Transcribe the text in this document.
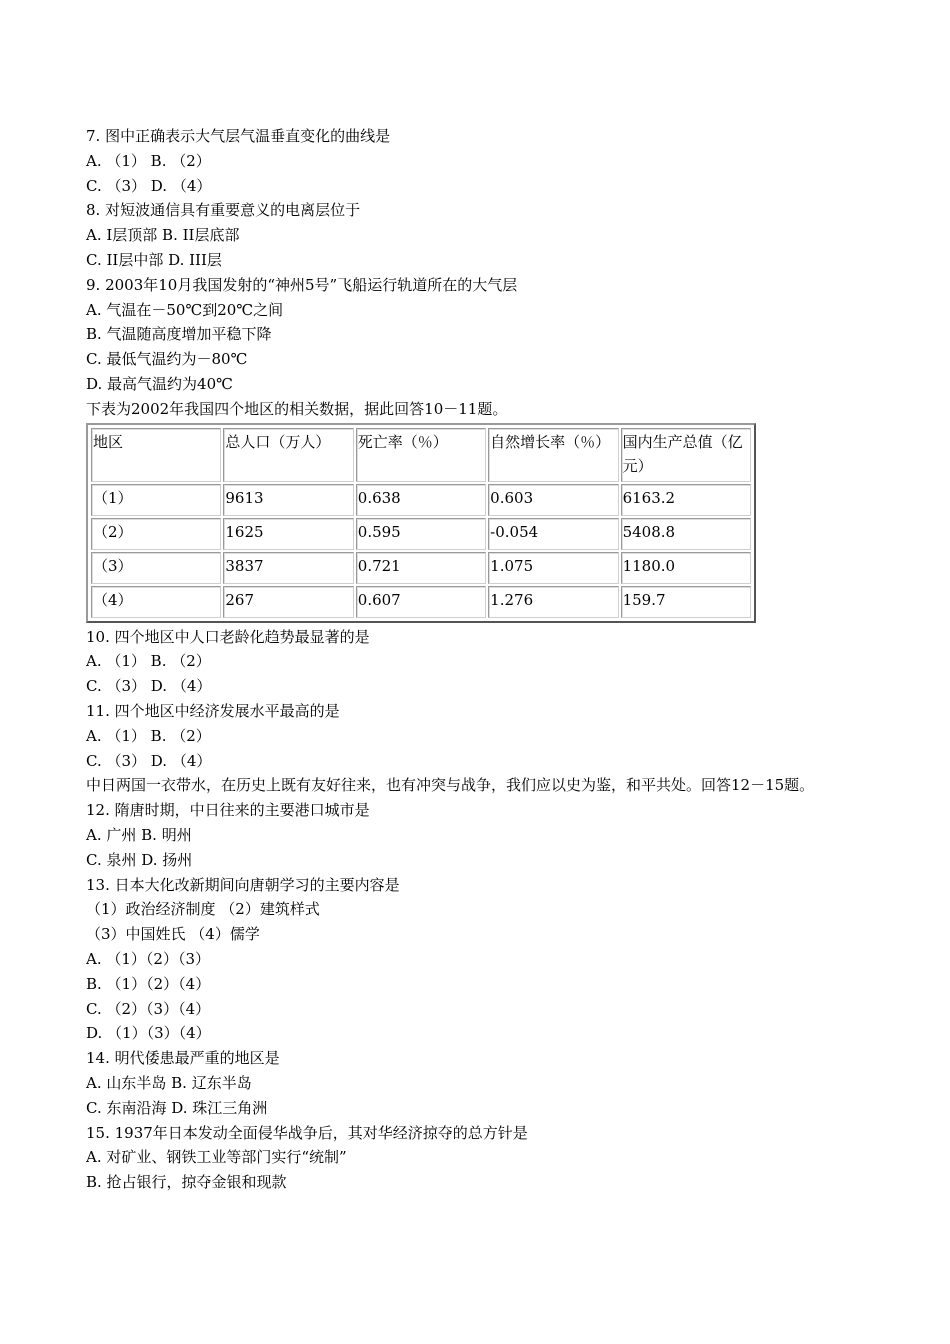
7. 图中正确表示大气层气温垂直变化的曲线是
A. （1） B. （2）
C. （3） D. （4）
8. 对短波通信具有重要意义的电离层位于
A. I层顶部 B. II层底部
C. II层中部 D. III层
9. 2003年10月我国发射的“神州5号”飞船运行轨道所在的大气层
A. 气温在－50℃到20℃之间
B. 气温随高度增加平稳下降
C. 最低气温约为－80℃
D. 最高气温约为40℃
下表为2002年我国四个地区的相关数据，据此回答10－11题。
地区	总人口（万人）	死亡率（％）	自然增长率（％）	国内生产总值（亿元）
（1）	9613	0.638	0.603	6163.2
（2）	1625	0.595	-0.054	5408.8
（3）	3837	0.721	1.075	1180.0
（4）	267	0.607	1.276	159.7
10. 四个地区中人口老龄化趋势最显著的是
A. （1） B. （2）
C. （3） D. （4）
11. 四个地区中经济发展水平最高的是
A. （1） B. （2）
C. （3） D. （4）
中日两国一衣带水，在历史上既有友好往来，也有冲突与战争，我们应以史为鉴，和平共处。回答12－15题。
12. 隋唐时期，中日往来的主要港口城市是
A. 广州 B. 明州
C. 泉州 D. 扬州
13. 日本大化改新期间向唐朝学习的主要内容是
（1）政治经济制度 （2）建筑样式
（3）中国姓氏 （4）儒学
A. （1）（2）（3）
B. （1）（2）（4）
C. （2）（3）（4）
D. （1）（3）（4）
14. 明代倭患最严重的地区是
A. 山东半岛 B. 辽东半岛
C. 东南沿海 D. 珠江三角洲
15. 1937年日本发动全面侵华战争后，其对华经济掠夺的总方针是
A. 对矿业、钢铁工业等部门实行“统制”
B. 抢占银行，掠夺金银和现款
